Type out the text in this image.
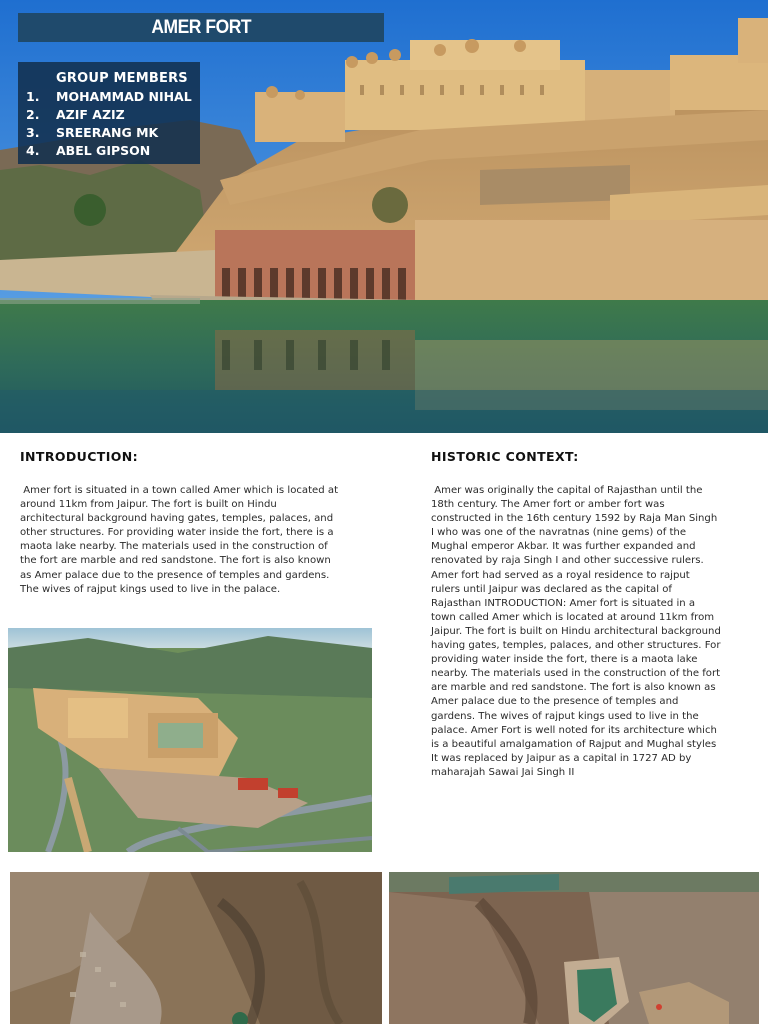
AMER FORT
GROUP MEMBERS
1.	MOHAMMAD NIHAL
2.	AZIF AZIZ
3.	SREERANG MK
4.	ABEL GIPSON
INTRODUCTION:
Amer fort is situated in a town called Amer which is located at around 11km from Jaipur. The fort is built on Hindu architectural background having gates, temples, palaces, and other structures. For providing water inside the fort, there is a maota lake nearby. The materials used in the construction of the fort are marble and red sandstone. The fort is also known as Amer palace due to the presence of temples and gardens. The wives of rajput kings used to live in the palace.
HISTORIC CONTEXT:
Amer was originally the capital of Rajasthan until the 18th century. The Amer fort or amber fort was constructed in the 16th century 1592 by Raja Man Singh I who was one of the navratnas (nine gems) of the Mughal emperor Akbar. It was further expanded and renovated by raja Singh I and other successive rulers. Amer fort had served as a royal residence to rajput rulers until Jaipur was declared as the capital of Rajasthan INTRODUCTION: Amer fort is situated in a town called Amer which is located at around 11km from Jaipur. The fort is built on Hindu architectural background having gates, temples, palaces, and other structures. For providing water inside the fort, there is a maota lake nearby. The materials used in the construction of the fort are marble and red sandstone. The fort is also known as Amer palace due to the presence of temples and gardens. The wives of rajput kings used to live in the palace. Amer Fort is well noted for its architecture which is a beautiful amalgamation of Rajput and Mughal styles It was replaced by Jaipur as a capital in 1727 AD by maharajah Sawai Jai Singh II
